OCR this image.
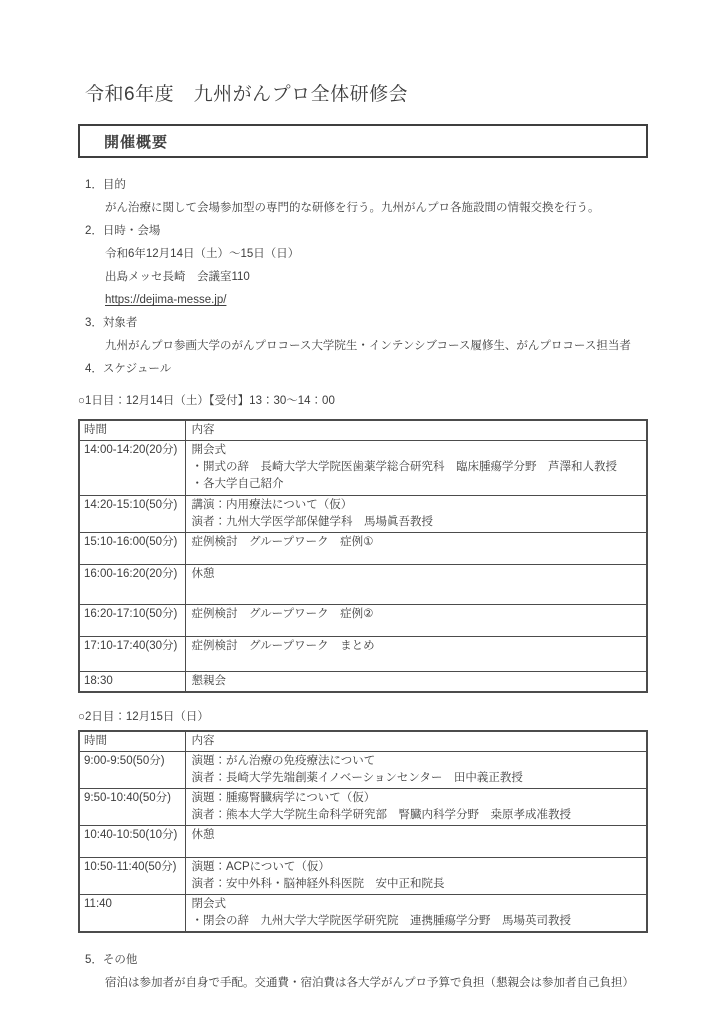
令和6年度　九州がんプロ全体研修会
開催概要
1．目的
がん治療に関して会場参加型の専門的な研修を行う。九州がんプロ各施設間の情報交換を行う。
2．日時・会場
令和6年12月14日（土）～15日（日）
出島メッセ長崎　会議室110
https://dejima-messe.jp/
3．対象者
九州がんプロ参画大学のがんプロコース大学院生・インテンシブコース履修生、がんプロコース担当者
4．スケジュール
○1日目：12月14日（土）【受付】13：30～14：00
時間	内容
14:00-14:20(20分)	開会式
・開式の辞　長崎大学大学院医歯薬学総合研究科　臨床腫瘍学分野　芦澤和人教授
・各大学自己紹介

14:20-15:10(50分)	講演：内用療法について（仮）
演者：九州大学医学部保健学科　馬場眞吾教授

15:10-16:00(50分)	症例検討　グループワーク　症例①

16:00-16:20(20分)	休憩

16:20-17:10(50分)	症例検討　グループワーク　症例②

17:10-17:40(30分)	症例検討　グループワーク　まとめ

18:30	懇親会
○2日目：12月15日（日）
時間	内容
9:00-9:50(50分)	演題：がん治療の免疫療法について
演者：長崎大学先端創薬イノベーションセンター　田中義正教授

9:50-10:40(50分)	演題：腫瘍腎臓病学について（仮）
演者：熊本大学大学院生命科学研究部　腎臓内科学分野　桒原孝成准教授

10:40-10:50(10分)	休憩

10:50-11:40(50分)	演題：ACPについて（仮）
演者：安中外科・脳神経外科医院　安中正和院長

11:40	閉会式
・閉会の辞　九州大学大学院医学研究院　連携腫瘍学分野　馬場英司教授
5．その他
宿泊は参加者が自身で手配。交通費・宿泊費は各大学がんプロ予算で負担（懇親会は参加者自己負担）
